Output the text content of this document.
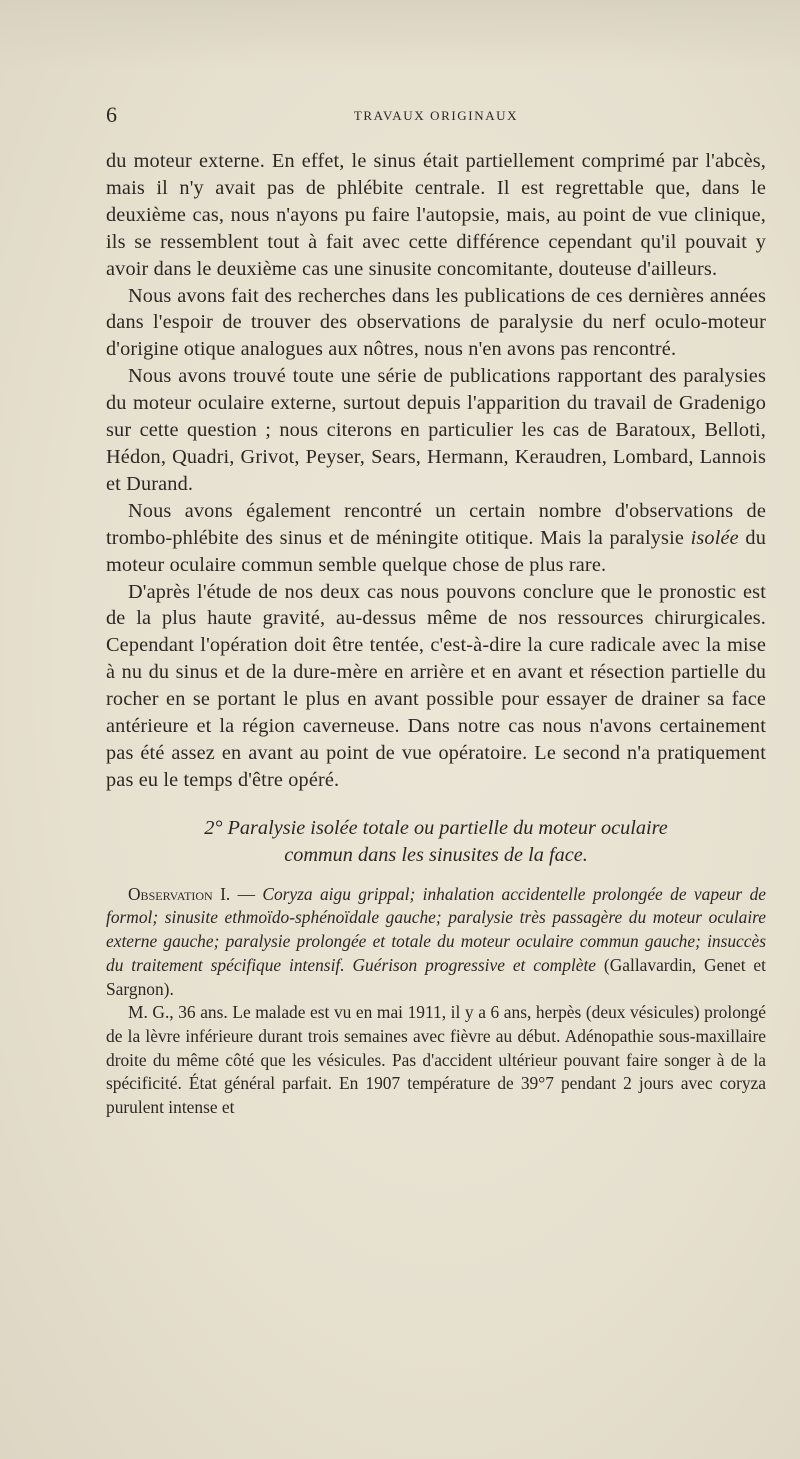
6	TRAVAUX ORIGINAUX

du moteur externe. En effet, le sinus était partiellement comprimé par l'abcès, mais il n'y avait pas de phlébite centrale. Il est regrettable que, dans le deuxième cas, nous n'ayons pu faire l'autopsie, mais, au point de vue clinique, ils se ressemblent tout à fait avec cette différence cependant qu'il pouvait y avoir dans le deuxième cas une sinusite concomitante, douteuse d'ailleurs.

Nous avons fait des recherches dans les publications de ces dernières années dans l'espoir de trouver des observations de paralysie du nerf oculo-moteur d'origine otique analogues aux nôtres, nous n'en avons pas rencontré.

Nous avons trouvé toute une série de publications rapportant des paralysies du moteur oculaire externe, surtout depuis l'apparition du travail de Gradenigo sur cette question ; nous citerons en particulier les cas de Baratoux, Belloti, Hédon, Quadri, Grivot, Peyser, Sears, Hermann, Keraudren, Lombard, Lannois et Durand.

Nous avons également rencontré un certain nombre d'observations de trombo-phlébite des sinus et de méningite otitique. Mais la paralysie isolée du moteur oculaire commun semble quelque chose de plus rare.

D'après l'étude de nos deux cas nous pouvons conclure que le pronostic est de la plus haute gravité, au-dessus même de nos ressources chirurgicales. Cependant l'opération doit être tentée, c'est-à-dire la cure radicale avec la mise à nu du sinus et de la dure-mère en arrière et en avant et résection partielle du rocher en se portant le plus en avant possible pour essayer de drainer sa face antérieure et la région caverneuse. Dans notre cas nous n'avons certainement pas été assez en avant au point de vue opératoire. Le second n'a pratiquement pas eu le temps d'être opéré.

2° Paralysie isolée totale ou partielle du moteur oculaire
commun dans les sinusites de la face.

Observation I. — Coryza aigu grippal; inhalation accidentelle prolongée de vapeur de formol; sinusite ethmoïdo-sphénoïdale gauche; paralysie très passagère du moteur oculaire externe gauche; paralysie prolongée et totale du moteur oculaire commun gauche; insuccès du traitement spécifique intensif. Guérison progressive et complète (Gallavardin, Genet et Sargnon).

M. G., 36 ans. Le malade est vu en mai 1911, il y a 6 ans, herpès (deux vésicules) prolongé de la lèvre inférieure durant trois semaines avec fièvre au début. Adénopathie sous-maxillaire droite du même côté que les vésicules. Pas d'accident ultérieur pouvant faire songer à de la spécificité. État général parfait. En 1907 température de 39°7 pendant 2 jours avec coryza purulent intense et
